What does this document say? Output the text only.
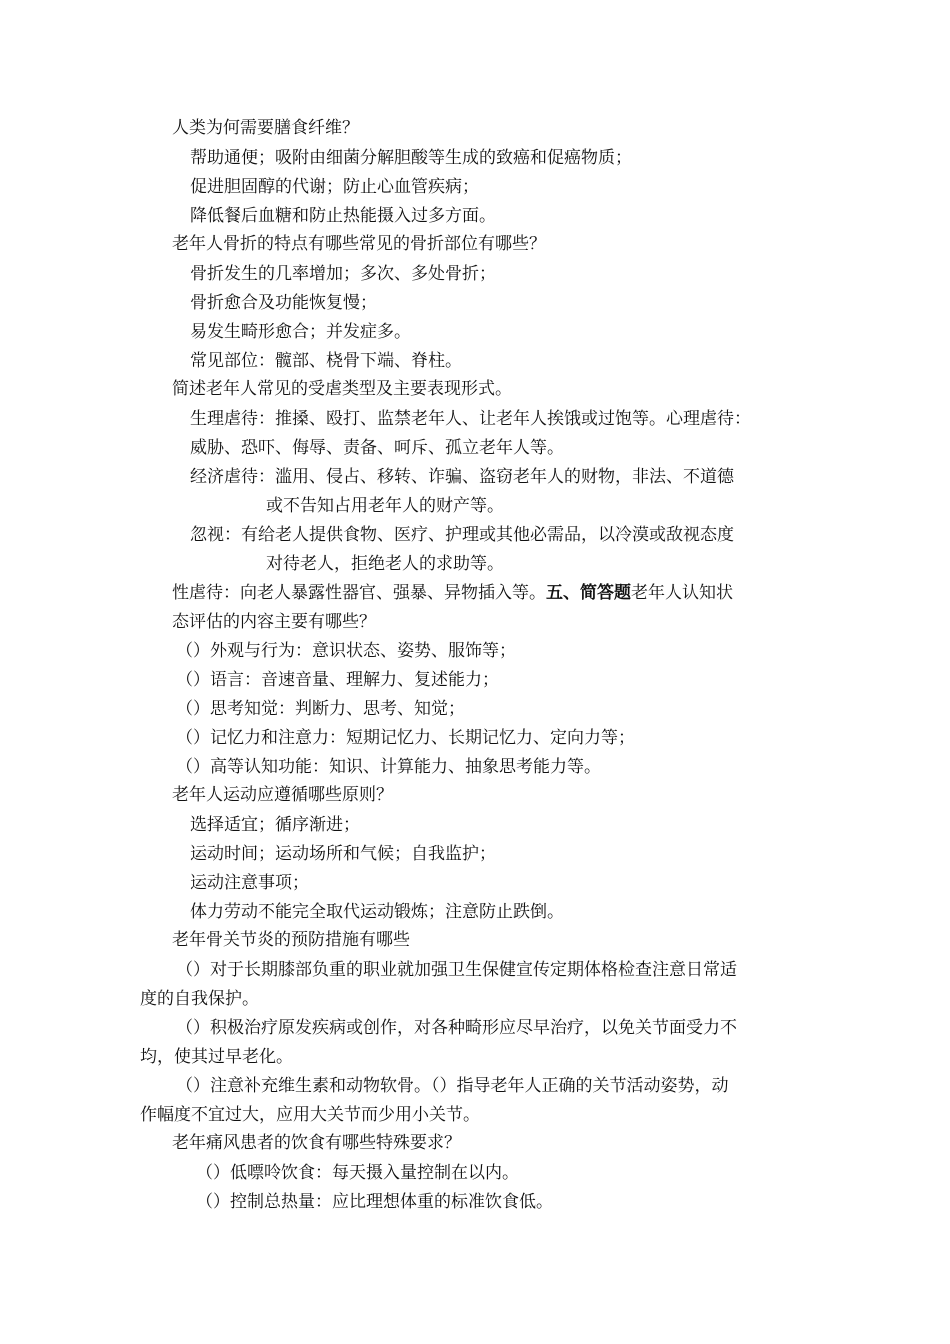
人类为何需要膳食纤维？
帮助通便；吸附由细菌分解胆酸等生成的致癌和促癌物质；
促进胆固醇的代谢；防止心血管疾病；
降低餐后血糖和防止热能摄入过多方面。
老年人骨折的特点有哪些常见的骨折部位有哪些？
骨折发生的几率增加；多次、多处骨折；
骨折愈合及功能恢复慢；
易发生畸形愈合；并发症多。
常见部位：髋部、桡骨下端、脊柱。
简述老年人常见的受虐类型及主要表现形式。
生理虐待：推搡、殴打、监禁老年人、让老年人挨饿或过饱等。心理虐待：
威胁、恐吓、侮辱、责备、呵斥、孤立老年人等。
经济虐待：滥用、侵占、移转、诈骗、盗窃老年人的财物，非法、不道德
或不告知占用老年人的财产等。
忽视：有给老人提供食物、医疗、护理或其他必需品，以冷漠或敌视态度
对待老人，拒绝老人的求助等。
性虐待：向老人暴露性器官、强暴、异物插入等。五、简答题老年人认知状
态评估的内容主要有哪些？
（）外观与行为：意识状态、姿势、服饰等；
（）语言：音速音量、理解力、复述能力；
（）思考知觉：判断力、思考、知觉；
（）记忆力和注意力：短期记忆力、长期记忆力、定向力等；
（）高等认知功能：知识、计算能力、抽象思考能力等。
老年人运动应遵循哪些原则？
选择适宜；循序渐进；
运动时间；运动场所和气候；自我监护；
运动注意事项；
体力劳动不能完全取代运动锻炼；注意防止跌倒。
老年骨关节炎的预防措施有哪些
（）对于长期膝部负重的职业就加强卫生保健宣传定期体格检查注意日常适
度的自我保护。
（）积极治疗原发疾病或创作，对各种畸形应尽早治疗，以免关节面受力不
均，使其过早老化。
（）注意补充维生素和动物软骨。（）指导老年人正确的关节活动姿势，动
作幅度不宜过大，应用大关节而少用小关节。
老年痛风患者的饮食有哪些特殊要求？
（）低嘌呤饮食：每天摄入量控制在以内。
（）控制总热量：应比理想体重的标准饮食低。
